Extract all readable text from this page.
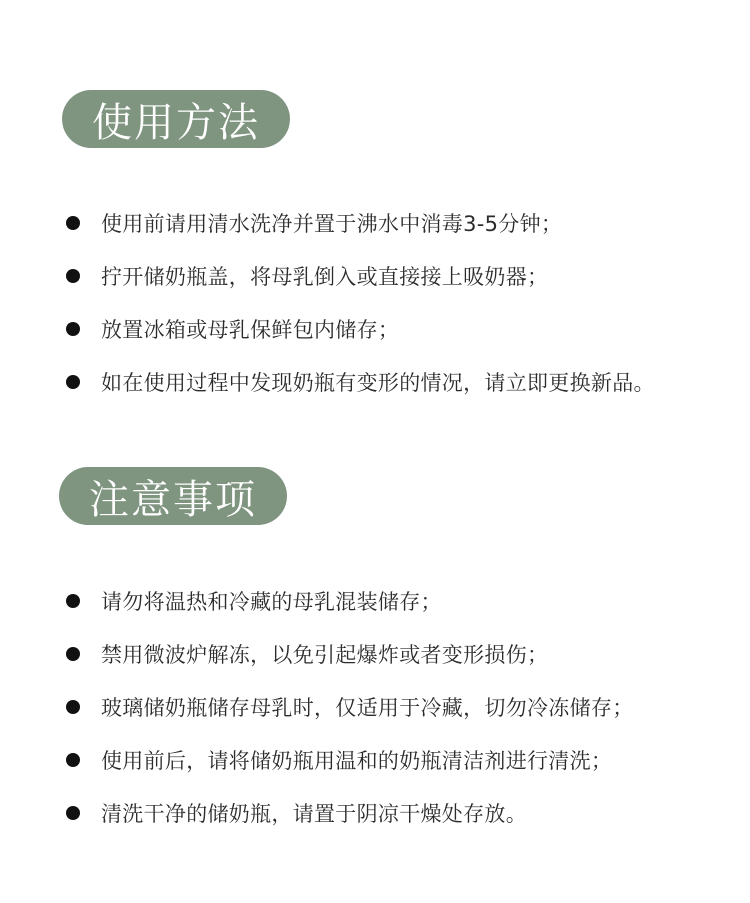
使用方法
使用前请用清水洗净并置于沸水中消毒3-5分钟；
拧开储奶瓶盖，将母乳倒入或直接接上吸奶器；
放置冰箱或母乳保鲜包内储存；
如在使用过程中发现奶瓶有变形的情况，请立即更换新品。
注意事项
请勿将温热和冷藏的母乳混装储存；
禁用微波炉解冻，以免引起爆炸或者变形损伤；
玻璃储奶瓶储存母乳时，仅适用于冷藏，切勿冷冻储存；
使用前后，请将储奶瓶用温和的奶瓶清洁剂进行清洗；
清洗干净的储奶瓶，请置于阴凉干燥处存放。
